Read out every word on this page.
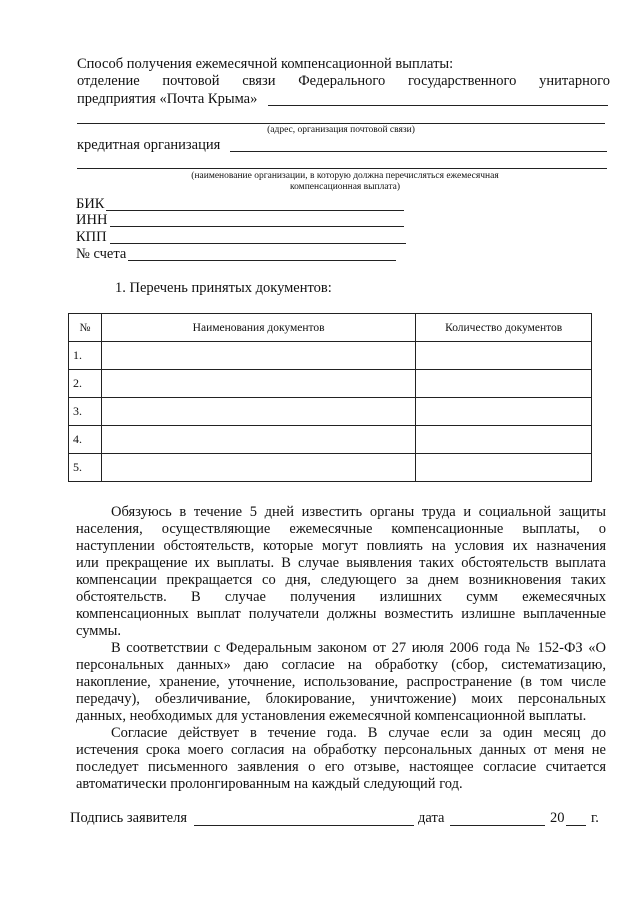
Способ получения ежемесячной компенсационной выплаты:
отделение почтовой связи Федерального государственного унитарного
предприятия «Почта Крыма»
(адрес, организация почтовой связи)
кредитная организация
(наименование организации, в которую должна перечисляться ежемесячная
компенсационная выплата)
БИК
ИНН
КПП
№ счета
1. Перечень принятых документов:
№	Наименования документов	Количество документов
1.		
2.		
3.		
4.		
5.		
Обязуюсь в течение 5 дней известить органы труда и социальной защиты
населения, осуществляющие ежемесячные компенсационные выплаты, о
наступлении обстоятельств, которые могут повлиять на условия их назначения
или прекращение их выплаты. В случае выявления таких обстоятельств выплата
компенсации прекращается со дня, следующего за днем возникновения таких
обстоятельств. В случае получения излишних сумм ежемесячных
компенсационных выплат получатели должны возместить излишне выплаченные
суммы.
В соответствии с Федеральным законом от 27 июля 2006 года № 152-ФЗ «О
персональных данных» даю согласие на обработку (сбор, систематизацию,
накопление, хранение, уточнение, использование, распространение (в том числе
передачу), обезличивание, блокирование, уничтожение) моих персональных
данных, необходимых для установления ежемесячной компенсационной выплаты.
Согласие действует в течение года. В случае если за один месяц до
истечения срока моего согласия на обработку персональных данных от меня не
последует письменного заявления о его отзыве, настоящее согласие считается
автоматически пролонгированным на каждый следующий год.
Подпись заявителя	дата	20 г.
